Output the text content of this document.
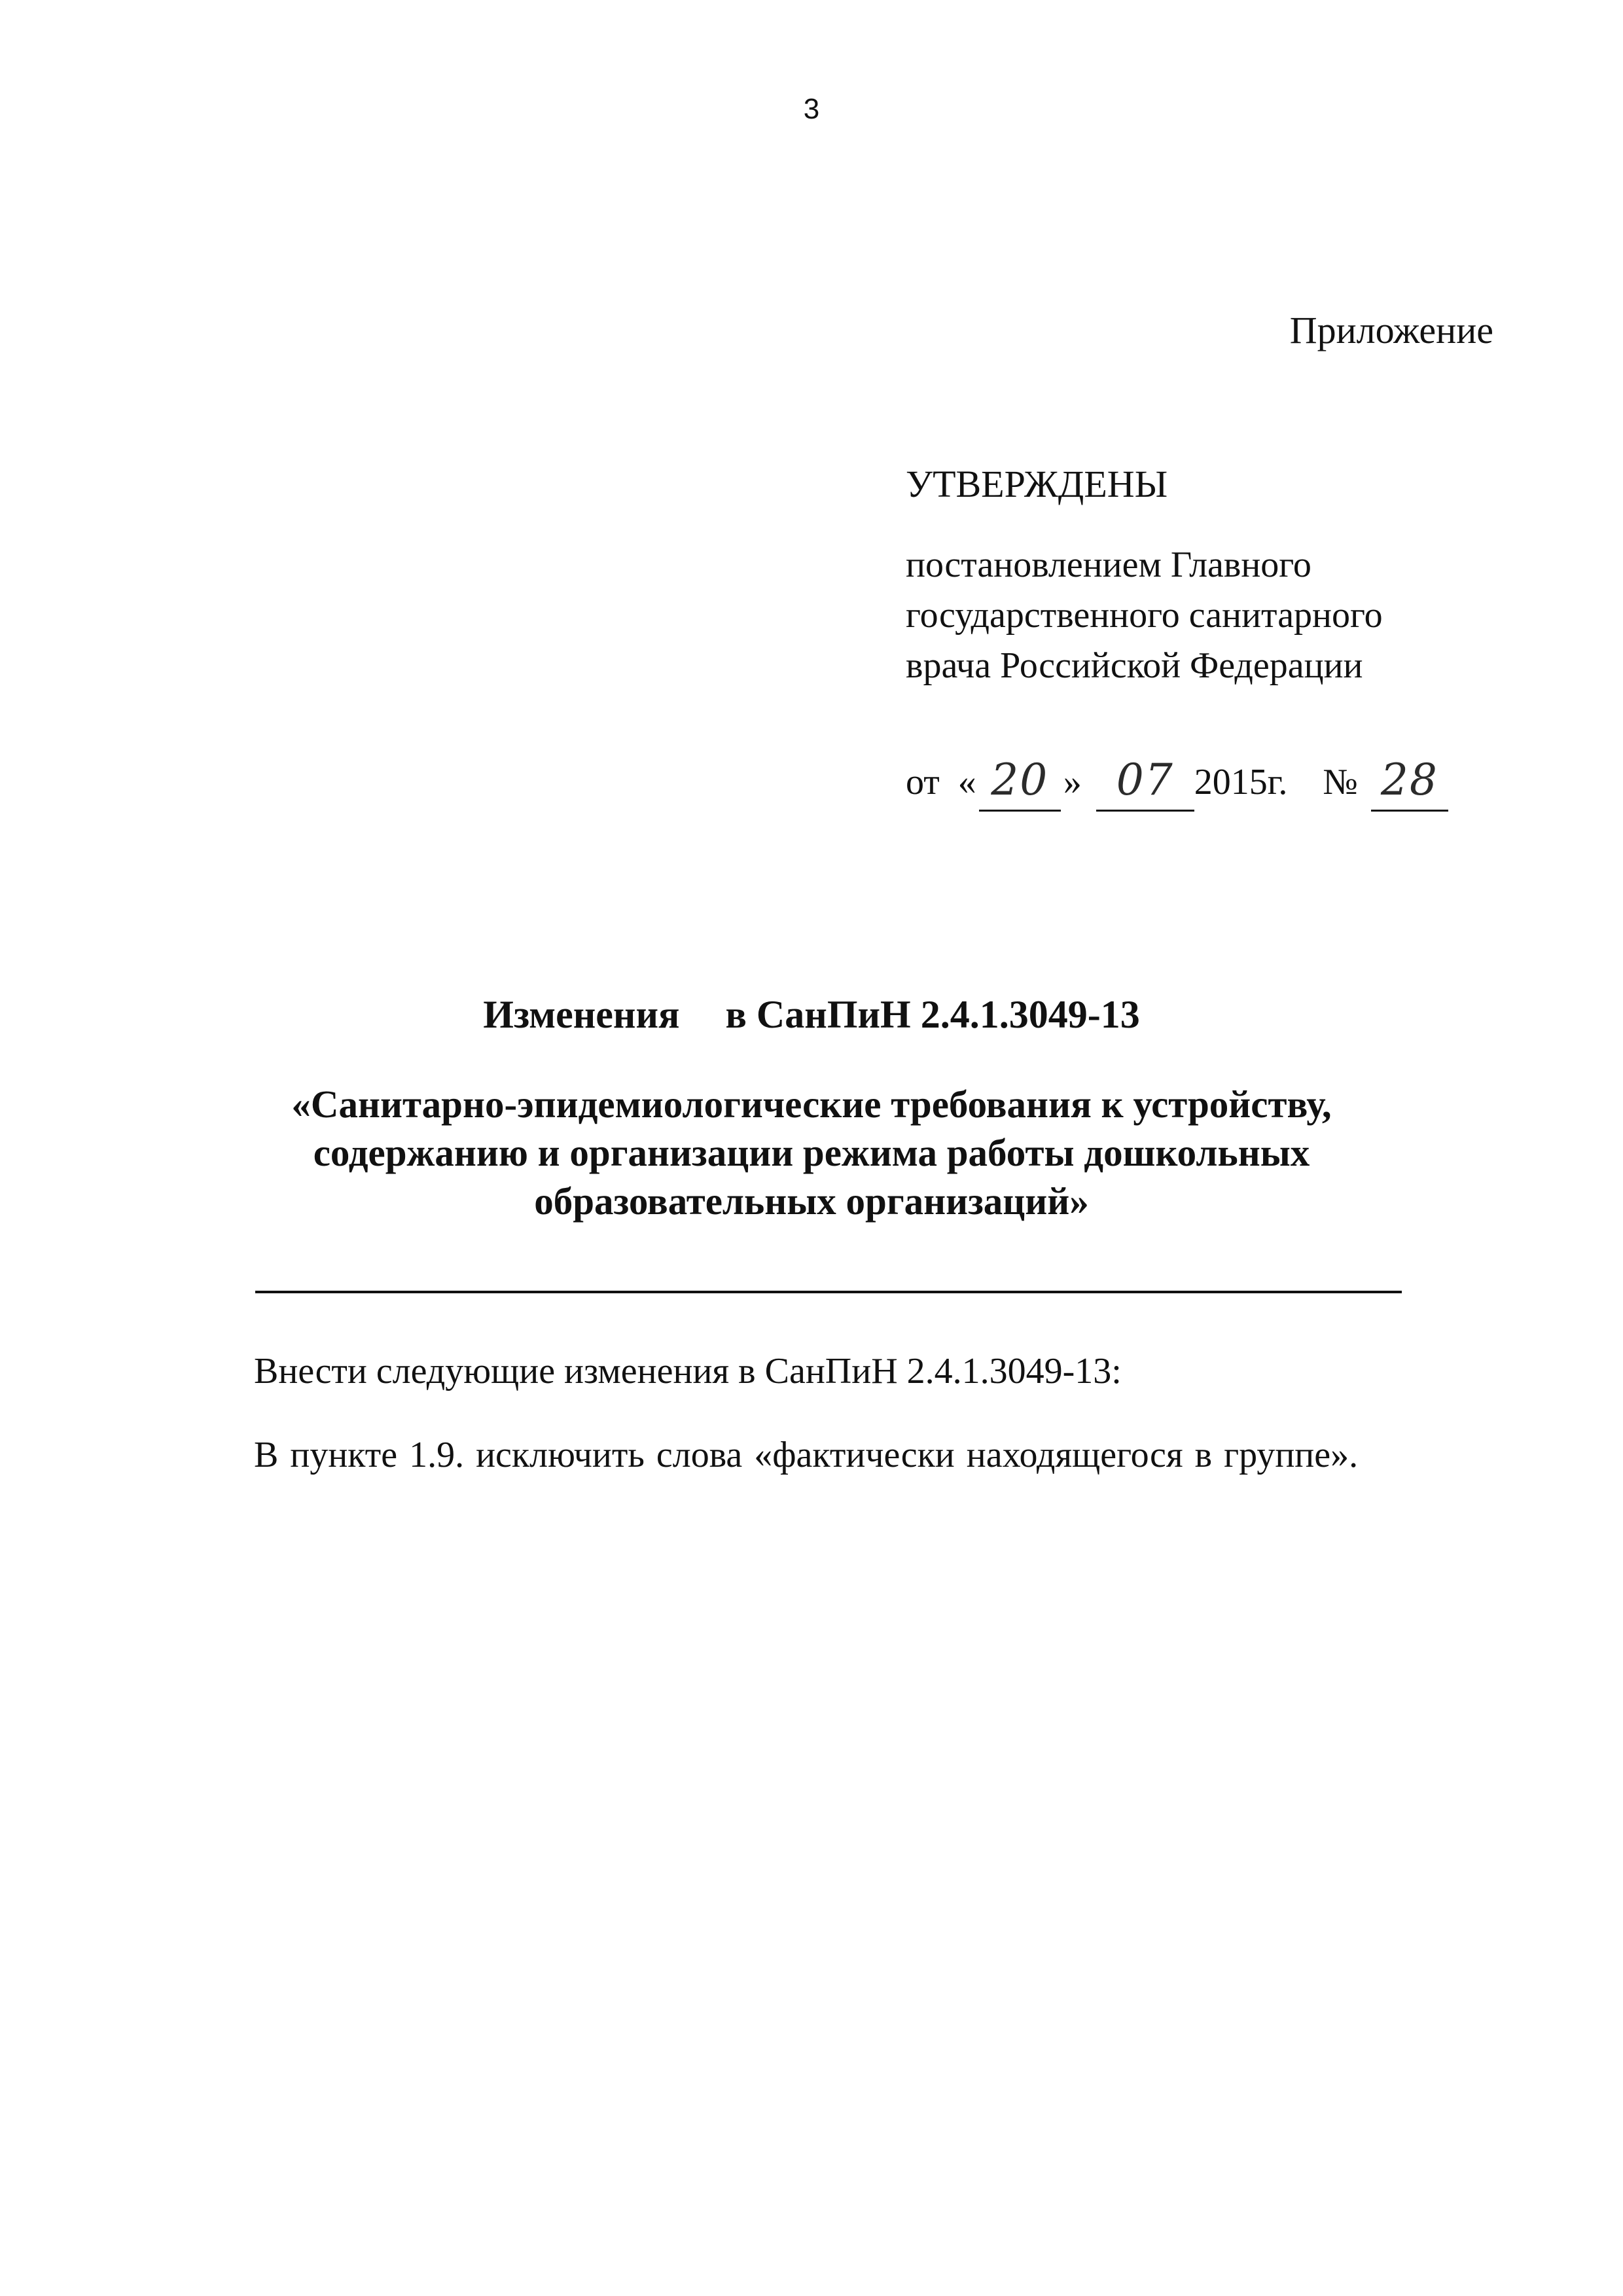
3
Приложение
УТВЕРЖДЕНЫ
постановлением Главного
государственного санитарного
врача Российской Федерации
от « 20 » 07 2015г. № 28
Изменения в СанПиН 2.4.1.3049-13
«Санитарно-эпидемиологические требования к устройству,
содержанию и организации режима работы дошкольных
образовательных организаций»
Внести следующие изменения в СанПиН 2.4.1.3049-13:
В пункте 1.9. исключить слова «фактически находящегося в группе».
